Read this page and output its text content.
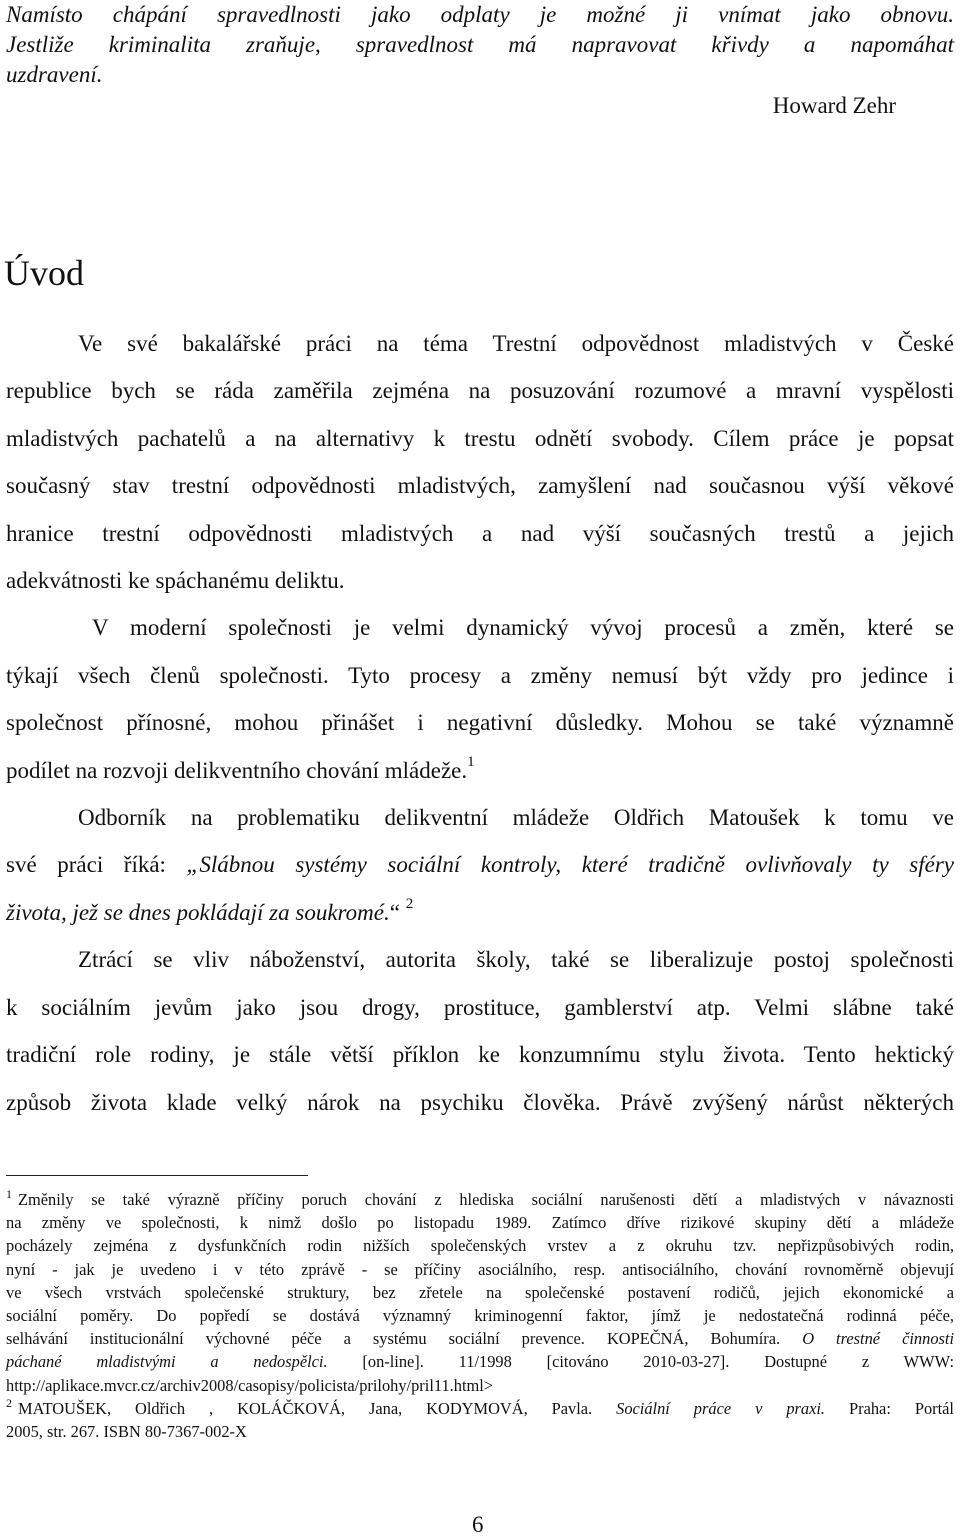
Namísto chápání spravedlnosti jako odplaty je možné ji vnímat jako obnovu.
Jestliže kriminalita zraňuje, spravedlnost má napravovat křivdy a napomáhat
uzdravení.
Howard Zehr
Úvod
Ve své bakalářské práci na téma Trestní odpovědnost mladistvých v České
republice bych se ráda zaměřila zejména na posuzování rozumové a mravní vyspělosti
mladistvých pachatelů a na alternativy k trestu odnětí svobody. Cílem práce je popsat
současný stav trestní odpovědnosti mladistvých, zamyšlení nad současnou výší věkové
hranice trestní odpovědnosti mladistvých a nad výší současných trestů a jejich
adekvátnosti ke spáchanému deliktu.
V moderní společnosti je velmi dynamický vývoj procesů a změn, které se
týkají všech členů společnosti. Tyto procesy a změny nemusí být vždy pro jedince i
společnost přínosné, mohou přinášet i negativní důsledky. Mohou se také významně
podílet na rozvoji delikventního chování mládeže.$^1$
Odborník na problematiku delikventní mládeže Oldřich Matoušek k tomu ve
své práci říká: „Slábnou systémy sociální kontroly, které tradičně ovlivňovaly ty sféry
života, jež se dnes pokládají za soukromé.“ $^2$
Ztrácí se vliv náboženství, autorita školy, také se liberalizuje postoj společnosti
k sociálním jevům jako jsou drogy, prostituce, gamblerství atp. Velmi slábne také
tradiční role rodiny, je stále větší příklon ke konzumnímu stylu života. Tento hektický
způsob života klade velký nárok na psychiku člověka. Právě zvýšený nárůst některých
$^1$ Změnily se také výrazně příčiny poruch chování z hlediska sociální narušenosti dětí a mladistvých v návaznosti
na změny ve společnosti, k nimž došlo po listopadu 1989. Zatímco dříve rizikové skupiny dětí a mládeže
pocházely zejména z dysfunkčních rodin nižších společenských vrstev a z okruhu tzv. nepřizpůsobivých rodin,
nyní - jak je uvedeno i v této zprávě - se příčiny asociálního, resp. antisociálního, chování rovnoměrně objevují
ve všech vrstvách společenské struktury, bez zřetele na společenské postavení rodičů, jejich ekonomické a
sociální poměry. Do popředí se dostává významný kriminogenní faktor, jímž je nedostatečná rodinná péče,
selhávání institucionální výchovné péče a systému sociální prevence. KOPEČNÁ, Bohumíra. O trestné činnosti
páchané mladistvými a nedospělci. [on-line]. 11/1998 [citováno 2010-03-27]. Dostupné z WWW:
http://aplikace.mvcr.cz/archiv2008/casopisy/policista/prilohy/pril11.html>
$^2$ MATOUŠEK, Oldřich , KOLÁČKOVÁ, Jana, KODYMOVÁ, Pavla. Sociální práce v praxi. Praha: Portál
2005, str. 267. ISBN 80-7367-002-X
6
